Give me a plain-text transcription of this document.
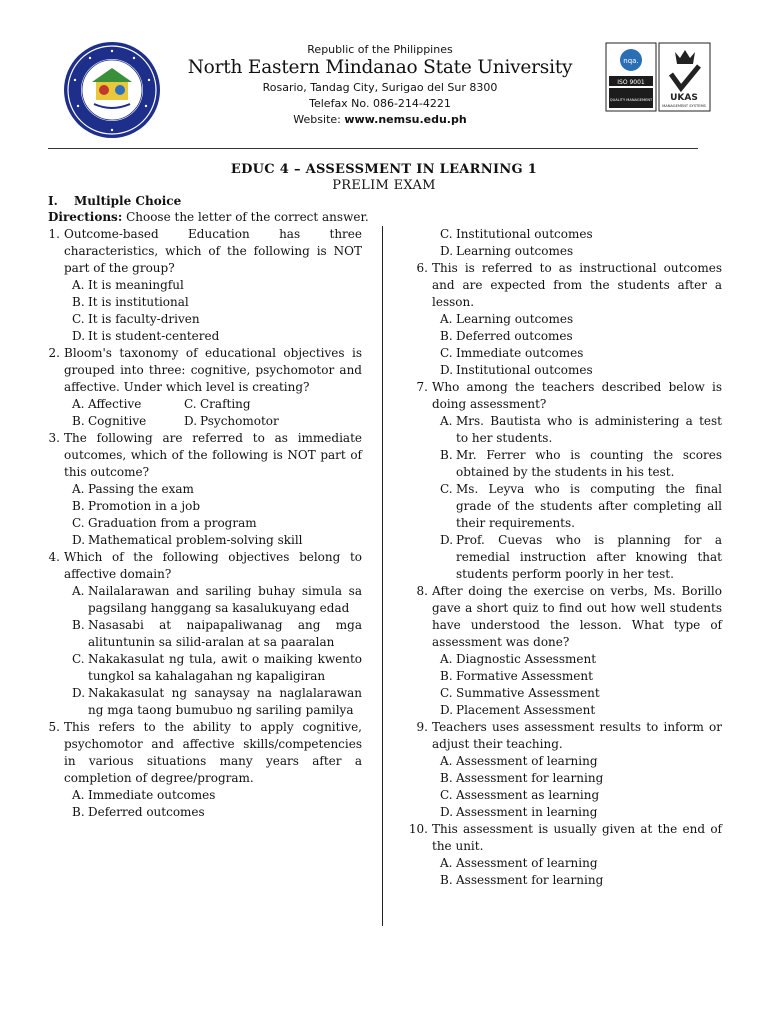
Republic of the Philippines
North Eastern Mindanao State University
Rosario, Tandag City, Surigao del Sur 8300
Telefax No. 086-214-4221
Website: www.nemsu.edu.ph
nqa.
ISO 9001
QUALITY MANAGEMENT UKAS
MANAGEMENT SYSTEMS
EDUC 4 – ASSESSMENT IN LEARNING 1
PRELIM EXAM
I. Multiple Choice
Directions: Choose the letter of the correct answer.
1. Outcome-based Education has three characteristics, which of the following is NOT part of the group?
A. It is meaningful
B. It is institutional
C. It is faculty-driven
D. It is student-centered
2. Bloom's taxonomy of educational objectives is grouped into three: cognitive, psychomotor and affective. Under which level is creating?
A. Affective	C. Crafting
B. Cognitive	D. Psychomotor
3. The following are referred to as immediate outcomes, which of the following is NOT part of this outcome?
A. Passing the exam
B. Promotion in a job
C. Graduation from a program
D. Mathematical problem-solving skill
4. Which of the following objectives belong to affective domain?
A. Nailalarawan and sariling buhay simula sa pagsilang hanggang sa kasalukuyang edad
B. Nasasabi at naipapaliwanag ang mga alituntunin sa silid-aralan at sa paaralan
C. Nakakasulat ng tula, awit o maiking kwento tungkol sa kahalagahan ng kapaligiran
D. Nakakasulat ng sanaysay na naglalarawan ng mga taong bumubuo ng sariling pamilya
5. This refers to the ability to apply cognitive, psychomotor and affective skills/competencies in various situations many years after a completion of degree/program.
A. Immediate outcomes
B. Deferred outcomes
C. Institutional outcomes
D. Learning outcomes
6. This is referred to as instructional outcomes and are expected from the students after a lesson.
A. Learning outcomes
B. Deferred outcomes
C. Immediate outcomes
D. Institutional outcomes
7. Who among the teachers described below is doing assessment?
A. Mrs. Bautista who is administering a test to her students.
B. Mr. Ferrer who is counting the scores obtained by the students in his test.
C. Ms. Leyva who is computing the final grade of the students after completing all their requirements.
D. Prof. Cuevas who is planning for a remedial instruction after knowing that students perform poorly in her test.
8. After doing the exercise on verbs, Ms. Borillo gave a short quiz to find out how well students have understood the lesson. What type of assessment was done?
A. Diagnostic Assessment
B. Formative Assessment
C. Summative Assessment
D. Placement Assessment
9. Teachers uses assessment results to inform or adjust their teaching.
A. Assessment of learning
B. Assessment for learning
C. Assessment as learning
D. Assessment in learning
10. This assessment is usually given at the end of the unit.
A. Assessment of learning
B. Assessment for learning
